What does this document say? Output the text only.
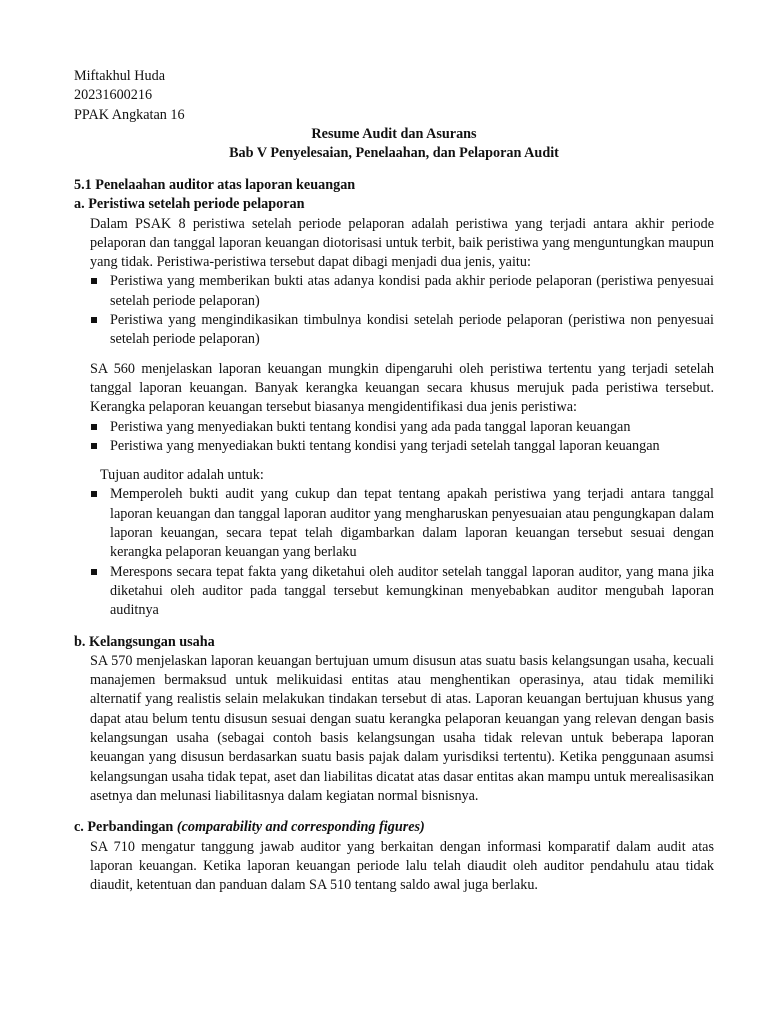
Miftakhul Huda
20231600216
PPAK Angkatan 16
Resume Audit dan Asurans
Bab V Penyelesaian, Penelaahan, dan Pelaporan Audit
5.1 Penelaahan auditor atas laporan keuangan
a. Peristiwa setelah periode pelaporan
Dalam PSAK 8 peristiwa setelah periode pelaporan adalah peristiwa yang terjadi antara akhir periode pelaporan dan tanggal laporan keuangan diotorisasi untuk terbit, baik peristiwa yang menguntungkan maupun yang tidak. Peristiwa-peristiwa tersebut dapat dibagi menjadi dua jenis, yaitu:
Peristiwa yang memberikan bukti atas adanya kondisi pada akhir periode pelaporan (peristiwa penyesuai setelah periode pelaporan)
Peristiwa yang mengindikasikan timbulnya kondisi setelah periode pelaporan (peristiwa non penyesuai setelah periode pelaporan)
SA 560 menjelaskan laporan keuangan mungkin dipengaruhi oleh peristiwa tertentu yang terjadi setelah tanggal laporan keuangan. Banyak kerangka keuangan secara khusus merujuk pada peristiwa tersebut. Kerangka pelaporan keuangan tersebut biasanya mengidentifikasi dua jenis peristiwa:
Peristiwa yang menyediakan bukti tentang kondisi yang ada pada tanggal laporan keuangan
Peristiwa yang menyediakan bukti tentang kondisi yang terjadi setelah tanggal laporan keuangan
Tujuan auditor adalah untuk:
Memperoleh bukti audit yang cukup dan tepat tentang apakah peristiwa yang terjadi antara tanggal laporan keuangan dan tanggal laporan auditor yang mengharuskan penyesuaian atau pengungkapan dalam laporan keuangan, secara tepat telah digambarkan dalam laporan keuangan tersebut sesuai dengan kerangka pelaporan keuangan yang berlaku
Merespons secara tepat fakta yang diketahui oleh auditor setelah tanggal laporan auditor, yang mana jika diketahui oleh auditor pada tanggal tersebut kemungkinan menyebabkan auditor mengubah laporan auditnya
b. Kelangsungan usaha
SA 570 menjelaskan laporan keuangan bertujuan umum disusun atas suatu basis kelangsungan usaha, kecuali manajemen bermaksud untuk melikuidasi entitas atau menghentikan operasinya, atau tidak memiliki alternatif yang realistis selain melakukan tindakan tersebut di atas. Laporan keuangan bertujuan khusus yang dapat atau belum tentu disusun sesuai dengan suatu kerangka pelaporan keuangan yang relevan dengan basis kelangsungan usaha (sebagai contoh basis kelangsungan usaha tidak relevan untuk beberapa laporan keuangan yang disusun berdasarkan suatu basis pajak dalam yurisdiksi tertentu). Ketika penggunaan asumsi kelangsungan usaha tidak tepat, aset dan liabilitas dicatat atas dasar entitas akan mampu untuk merealisasikan asetnya dan melunasi liabilitasnya dalam kegiatan normal bisnisnya.
c. Perbandingan (comparability and corresponding figures)
SA 710 mengatur tanggung jawab auditor yang berkaitan dengan informasi komparatif dalam audit atas laporan keuangan. Ketika laporan keuangan periode lalu telah diaudit oleh auditor pendahulu atau tidak diaudit, ketentuan dan panduan dalam SA 510 tentang saldo awal juga berlaku.
